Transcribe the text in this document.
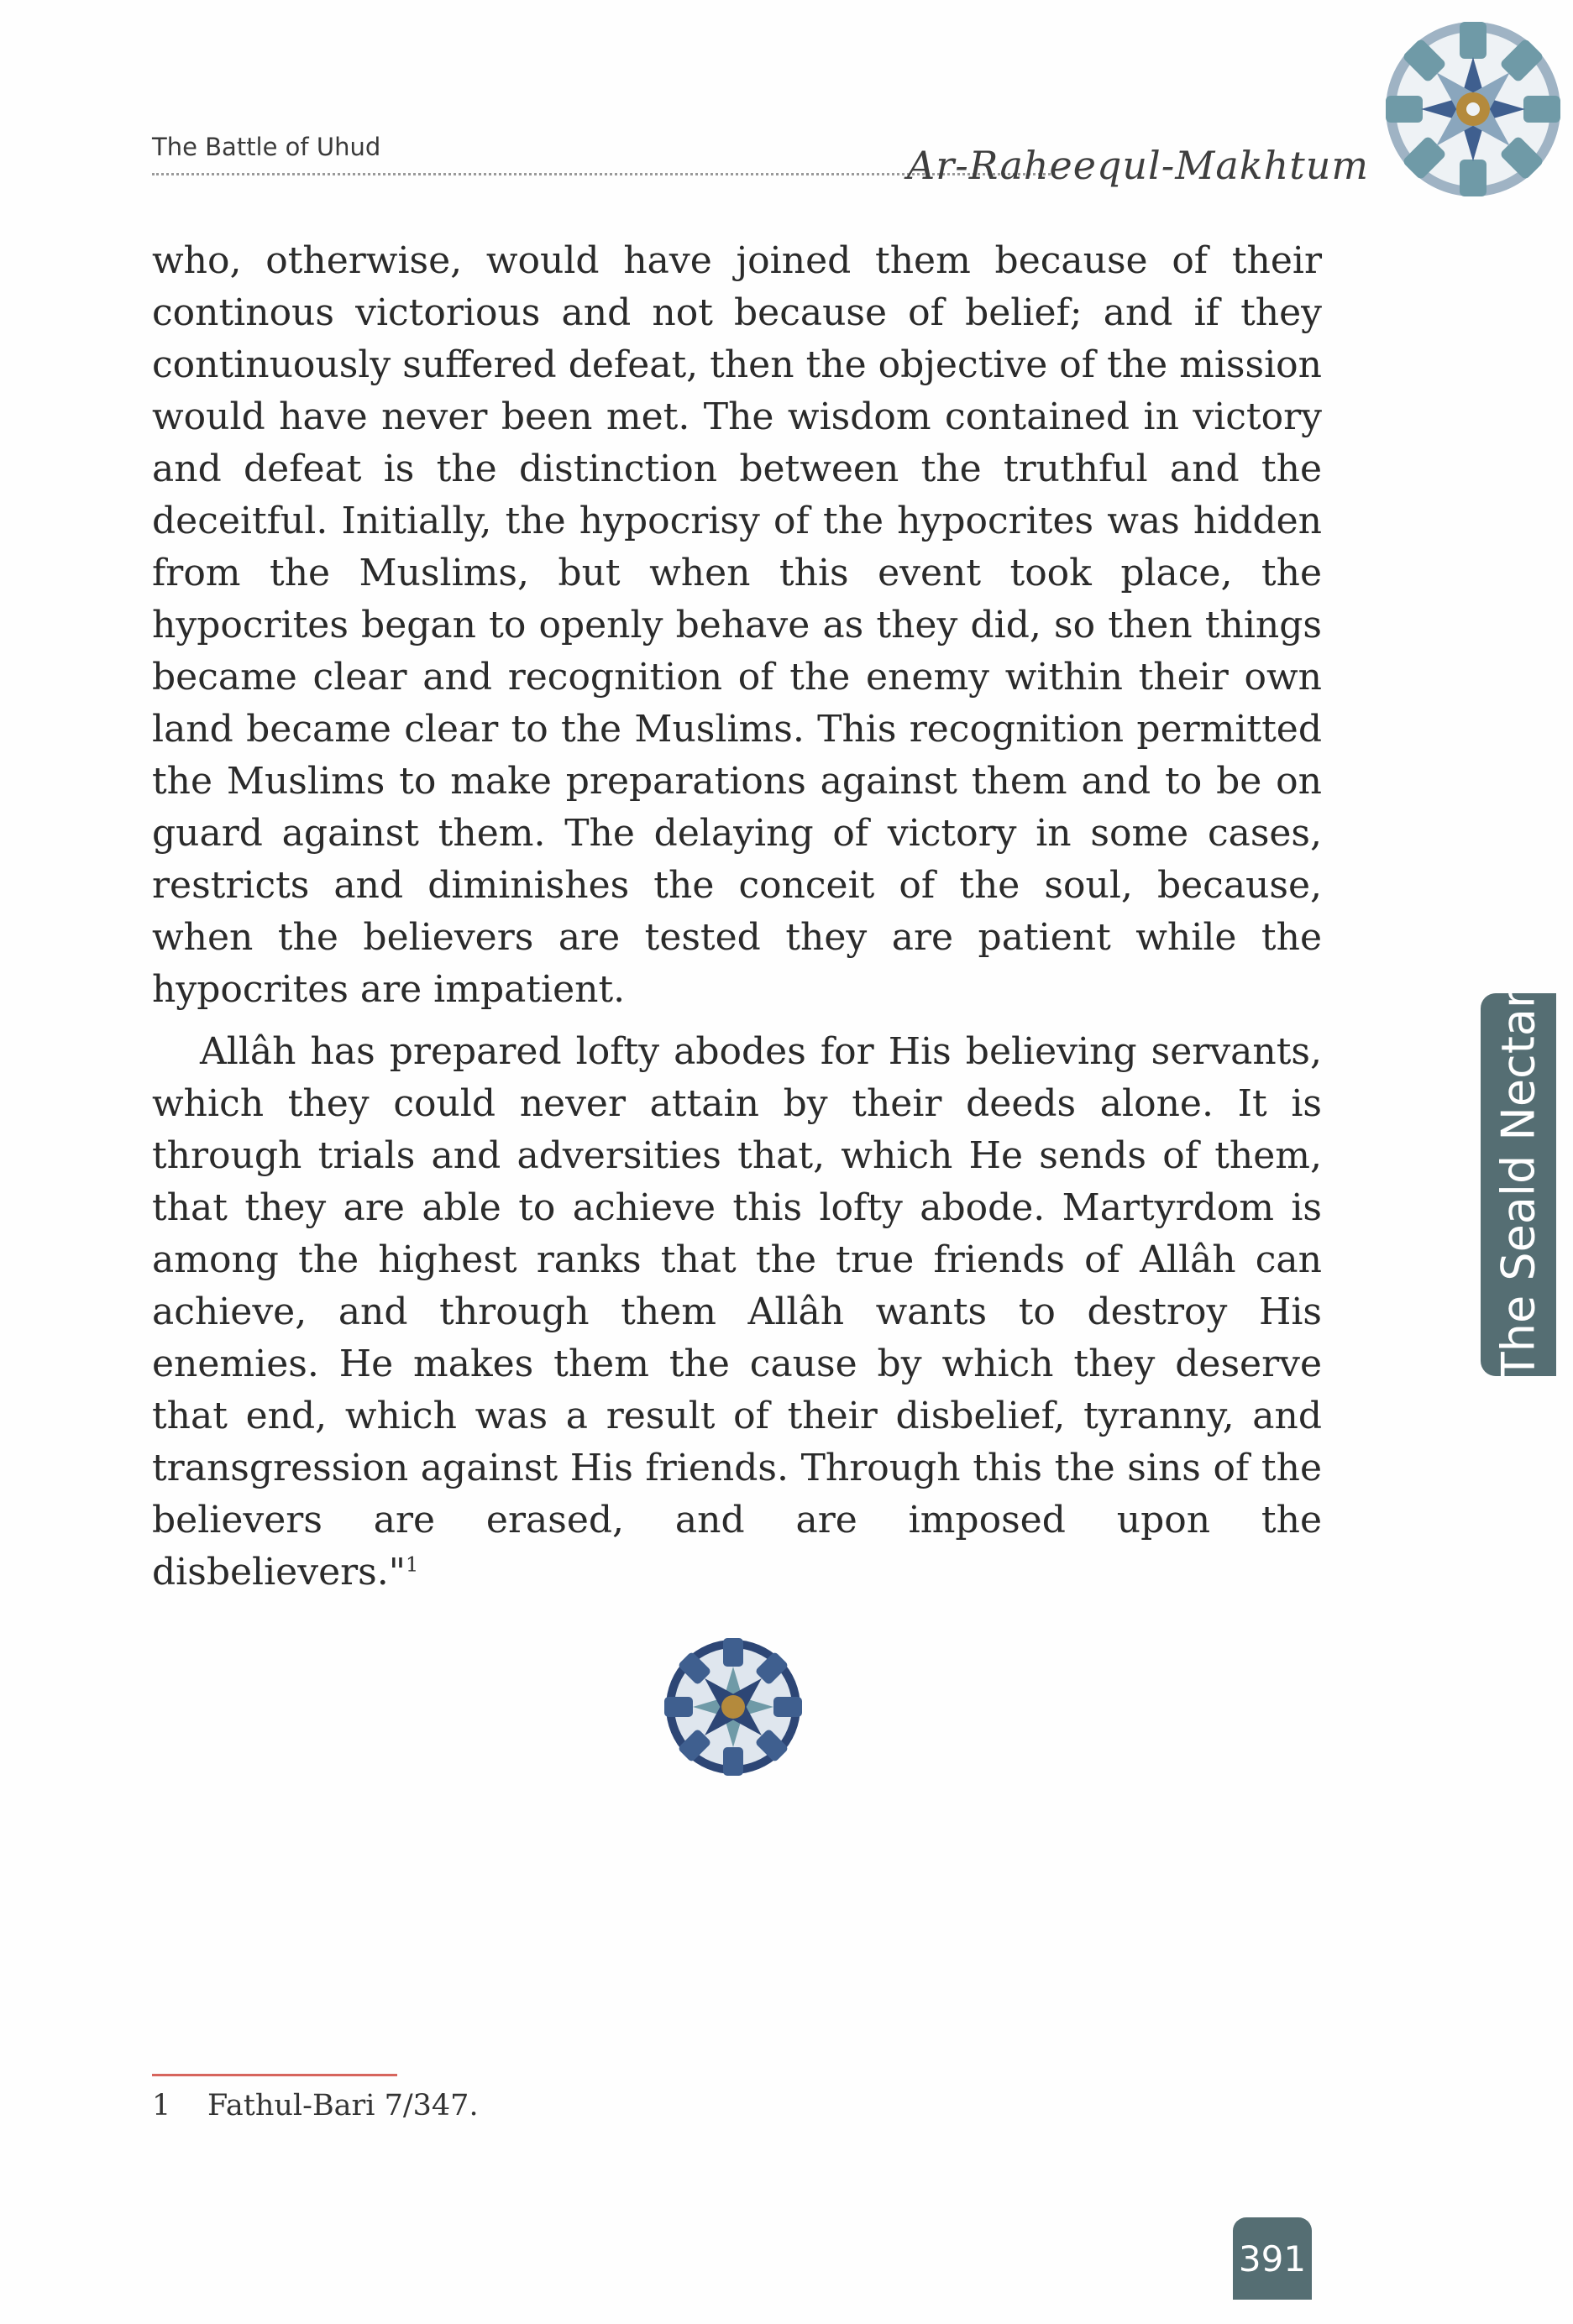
The Battle of Uhud	Ar-Raheequl-Makhtum

who, otherwise, would have joined them because of their continous victorious and not because of belief; and if they continuously suffered defeat, then the objective of the mission would have never been met. The wisdom contained in victory and defeat is the distinction between the truthful and the deceitful. Initially, the hypocrisy of the hypocrites was hidden from the Muslims, but when this event took place, the hypocrites began to openly behave as they did, so then things became clear and recognition of the enemy within their own land became clear to the Muslims. This recognition permitted the Muslims to make preparations against them and to be on guard against them. The delaying of victory in some cases, restricts and diminishes the conceit of the soul, because, when the believers are tested they are patient while the hypocrites are impatient.

Allâh has prepared lofty abodes for His believing servants, which they could never attain by their deeds alone. It is through trials and adversities that, which He sends of them, that they are able to achieve this lofty abode. Martyrdom is among the highest ranks that the true friends of Allâh can achieve, and through them Allâh wants to destroy His enemies. He makes them the cause by which they deserve that end, which was a result of their disbelief, tyranny, and transgression against His friends. Through this the sins of the believers are erased, and are imposed upon the disbelievers."$^1$

The Seald Nectar
1 Fathul-Bari 7/347.
391
